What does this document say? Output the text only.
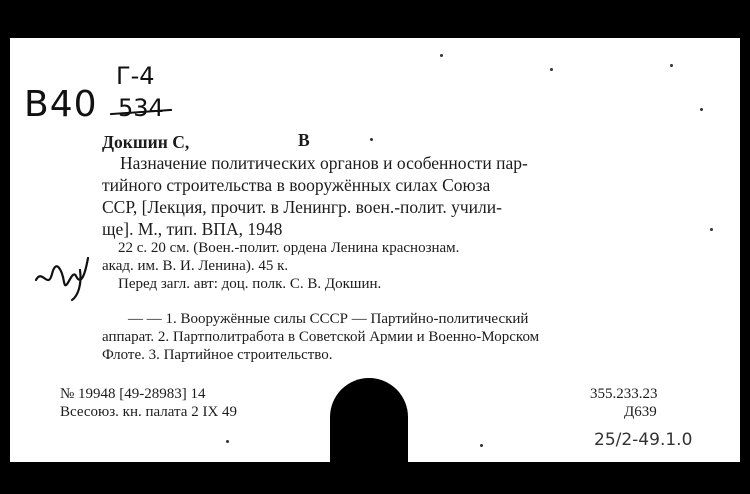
В40
Г-4
534
Докшин С,	В
Назначение политических органов и особенности пар-
тийного строительства в вооружённых силах Союза
ССР, [Лекция, прочит. в Ленингр. воен.-полит. учили-
ще]. М., тип. ВПА, 1948
22 с. 20 см. (Воен.-полит. ордена Ленина краснознам.
акад. им. В. И. Ленина). 45 к.
Перед загл. авт: доц. полк. С. В. Докшин.
— — 1. Вооружённые силы СССР — Партийно-политический
аппарат. 2. Партполитработа в Советской Армии и Военно-Морском
Флоте. 3. Партийное строительство.
№ 19948 [49-28983] 14
Всесоюз. кн. палата 2 IX 49
355.233.23
Д639
25/2-49.1.0
